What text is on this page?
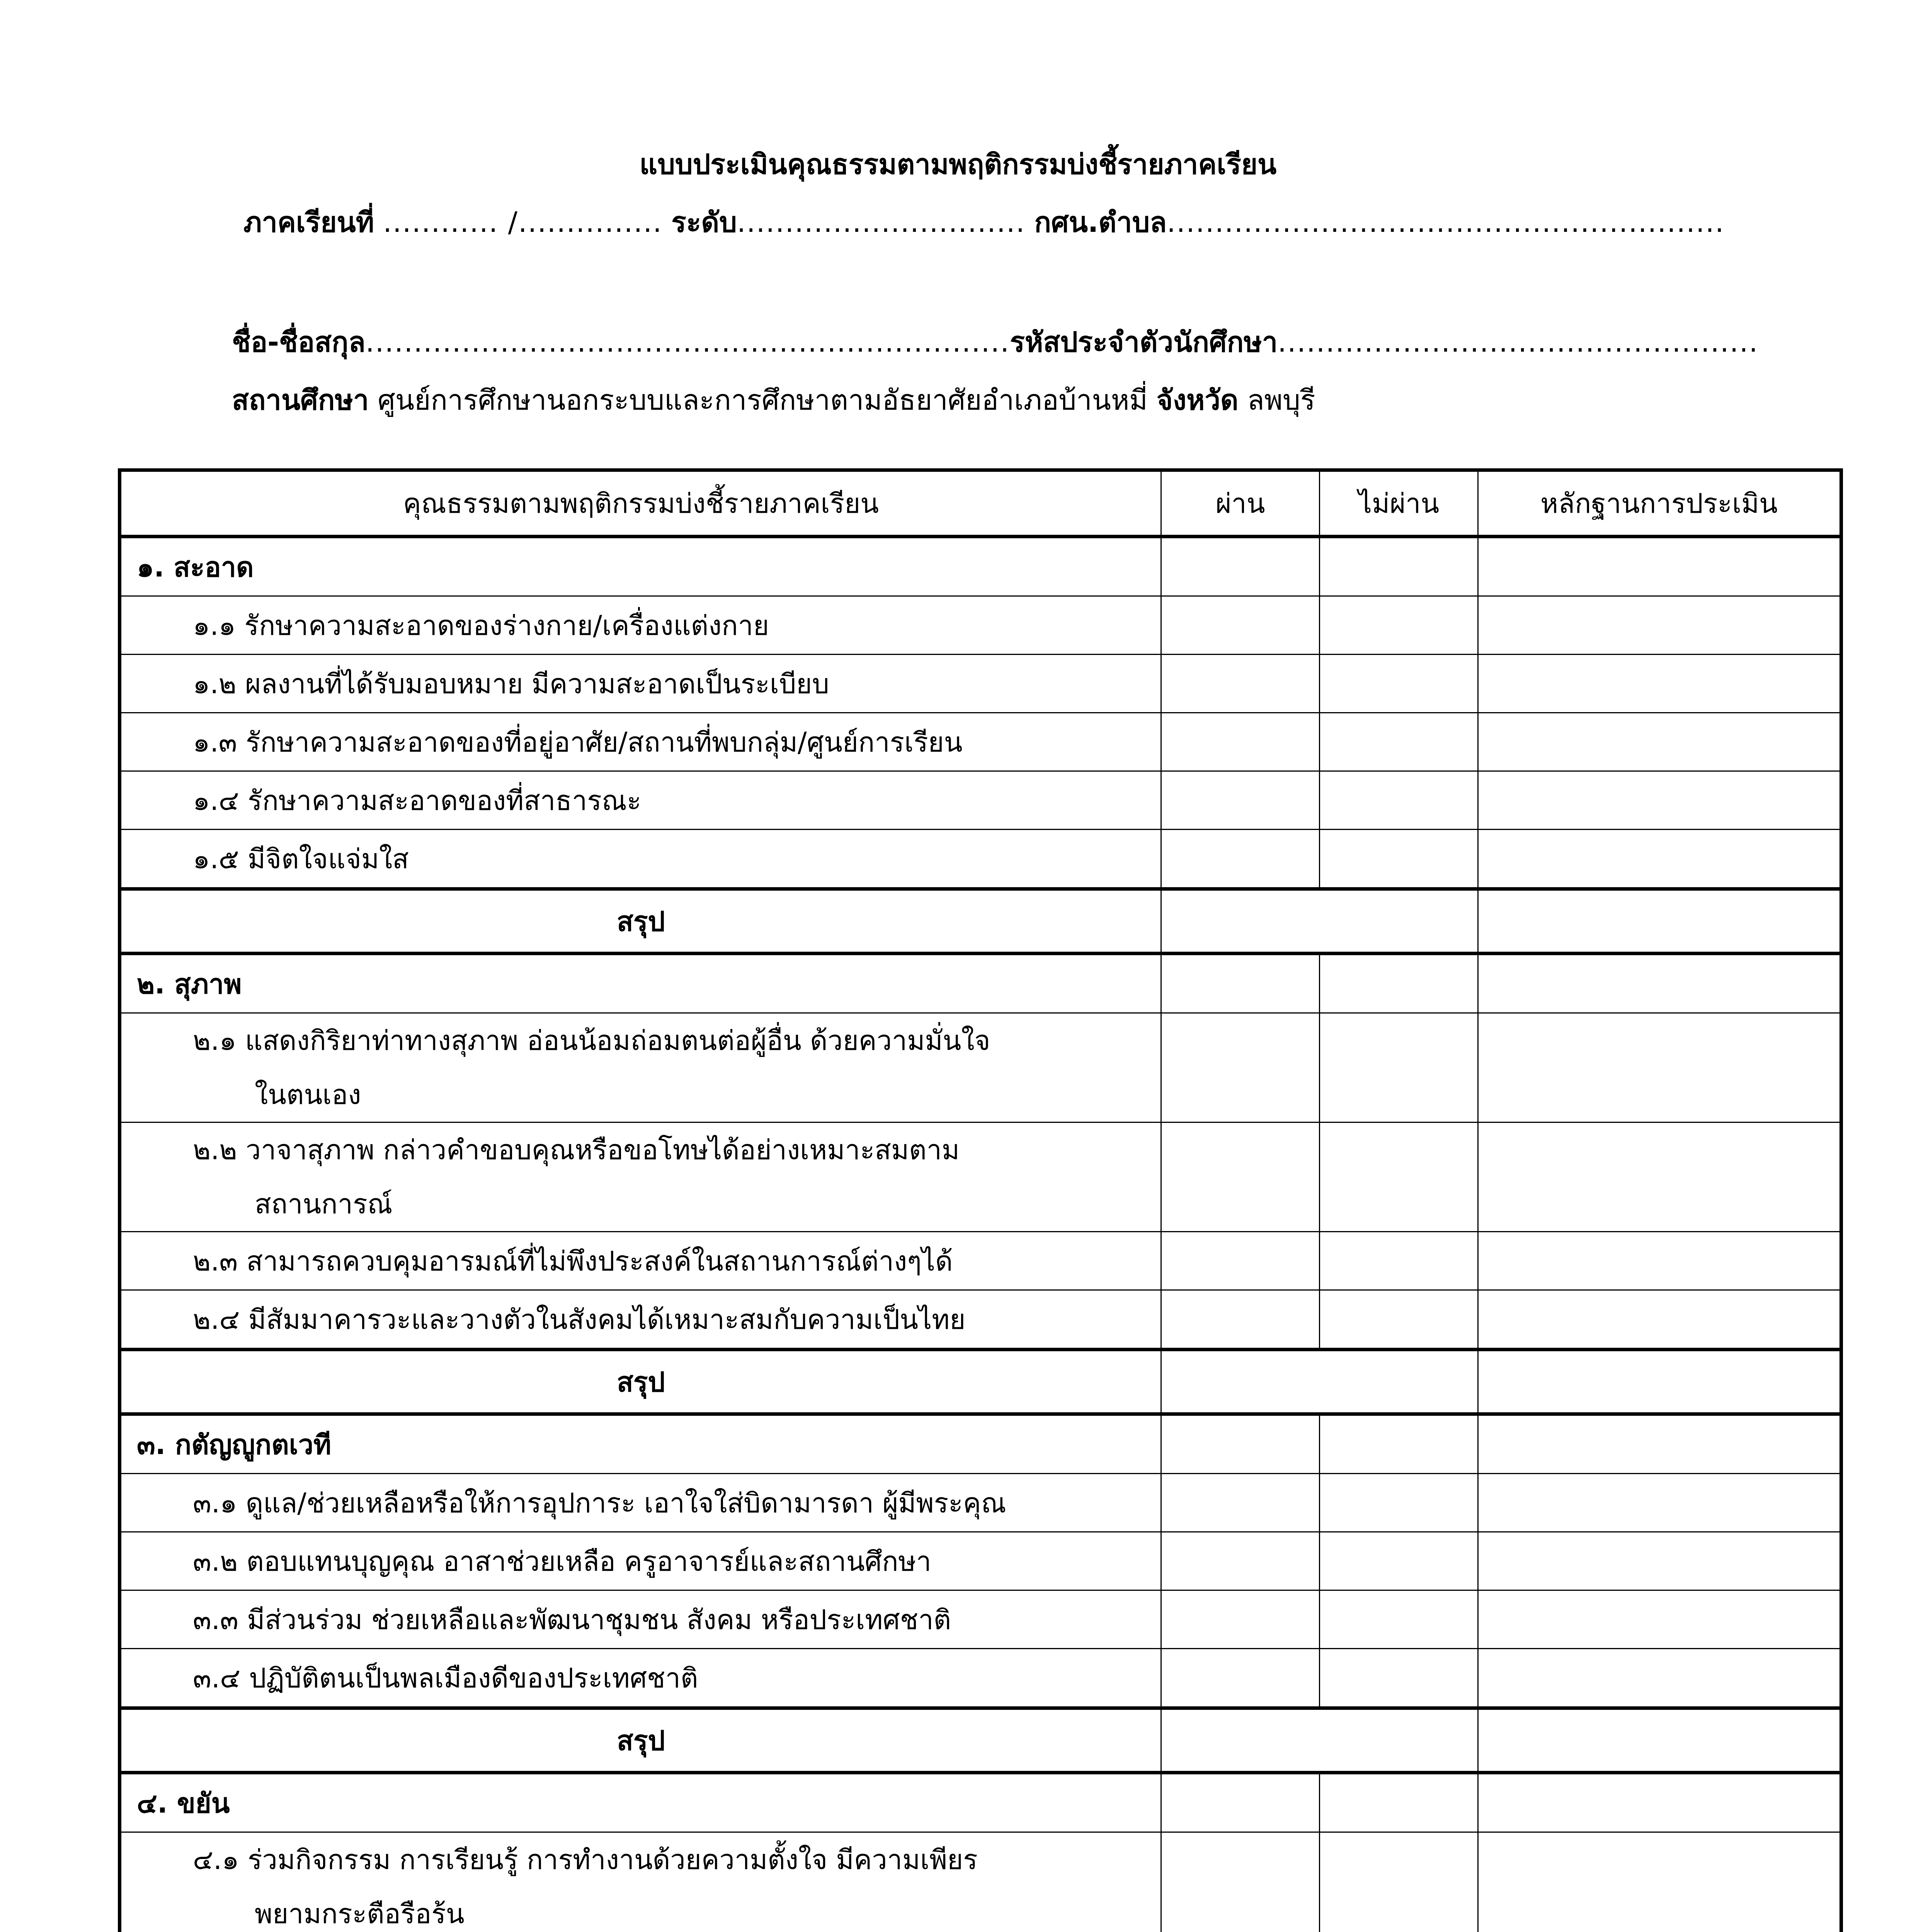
แบบประเมินคุณธรรมตามพฤติกรรมบ่งชี้รายภาคเรียน
ภาคเรียนที่ ............ /............... ระดับ.............................. กศน.ตำบล..........................................................
ชื่อ-ชื่อสกุล...................................................................รหัสประจำตัวนักศึกษา..................................................
สถานศึกษา ศูนย์การศึกษานอกระบบและการศึกษาตามอัธยาศัยอำเภอบ้านหมี่ จังหวัด ลพบุรี
คุณธรรมตามพฤติกรรมบ่งชี้รายภาคเรียน	ผ่าน	ไม่ผ่าน	หลักฐานการประเมิน
๑. สะอาด			
๑.๑ รักษาความสะอาดของร่างกาย/เครื่องแต่งกาย			
๑.๒ ผลงานที่ได้รับมอบหมาย มีความสะอาดเป็นระเบียบ			
๑.๓ รักษาความสะอาดของที่อยู่อาศัย/สถานที่พบกลุ่ม/ศูนย์การเรียน			
๑.๔ รักษาความสะอาดของที่สาธารณะ			
๑.๕ มีจิตใจแจ่มใส			
สรุป			
๒. สุภาพ			
๒.๑ แสดงกิริยาท่าทางสุภาพ อ่อนน้อมถ่อมตนต่อผู้อื่น ด้วยความมั่นใจ
ในตนเอง			

๒.๒ วาจาสุภาพ กล่าวคำขอบคุณหรือขอโทษได้อย่างเหมาะสมตาม
สถานการณ์			

๒.๓ สามารถควบคุมอารมณ์ที่ไม่พึงประสงค์ในสถานการณ์ต่างๆได้			
๒.๔ มีสัมมาคารวะและวางตัวในสังคมได้เหมาะสมกับความเป็นไทย			
สรุป			
๓. กตัญญูกตเวที			
๓.๑ ดูแล/ช่วยเหลือหรือให้การอุปการะ เอาใจใส่บิดามารดา ผู้มีพระคุณ			
๓.๒ ตอบแทนบุญคุณ อาสาช่วยเหลือ ครูอาจารย์และสถานศึกษา			
๓.๓ มีส่วนร่วม ช่วยเหลือและพัฒนาชุมชน สังคม หรือประเทศชาติ			
๓.๔ ปฏิบัติตนเป็นพลเมืองดีของประเทศชาติ			
สรุป			
๔. ขยัน			
๔.๑ ร่วมกิจกรรม การเรียนรู้ การทำงานด้วยความตั้งใจ มีความเพียร
พยามกระตือรือร้น			
